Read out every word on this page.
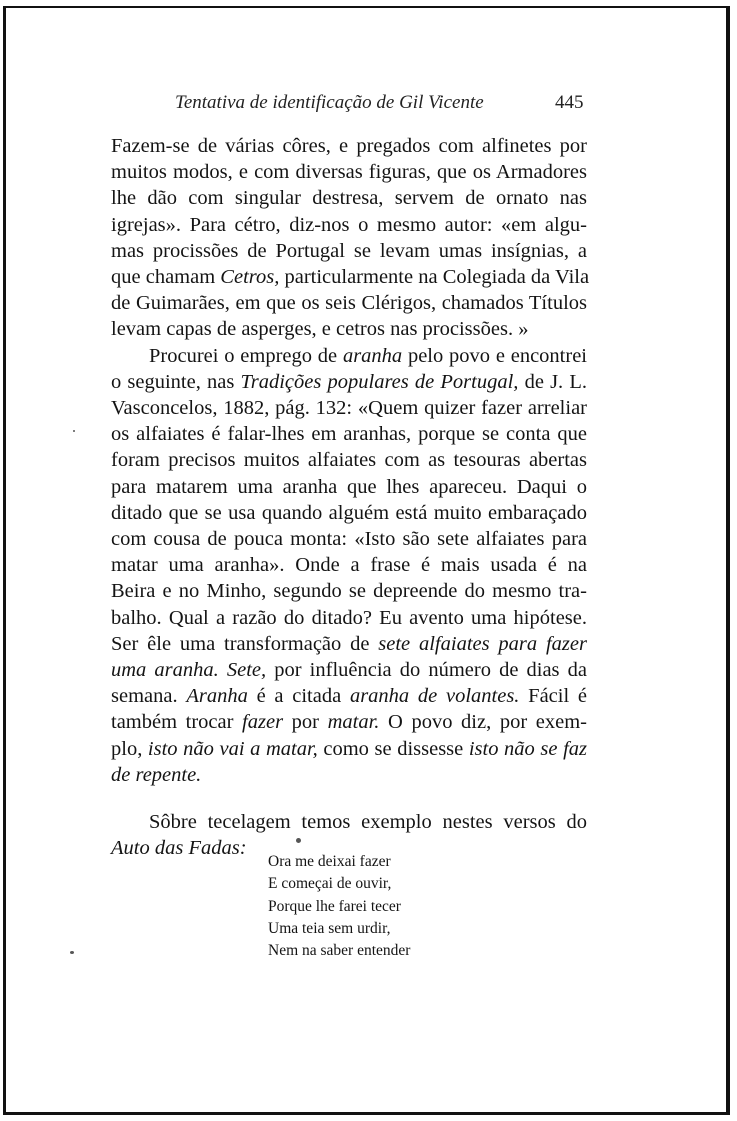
Tentativa de identificação de Gil Vicente	445
Fazem-se de várias côres, e pregados com alfinetes por
muitos modos, e com diversas figuras, que os Armadores
lhe dão com singular destresa, servem de ornato nas
igrejas». Para cétro, diz-nos o mesmo autor: «em algu-
mas procissões de Portugal se levam umas insígnias, a
que chamam Cetros, particularmente na Colegiada da Vila
de Guimarães, em que os seis Clérigos, chamados Títulos
levam capas de asperges, e cetros nas procissões. »
Procurei o emprego de aranha pelo povo e encontrei
o seguinte, nas Tradições populares de Portugal, de J. L.
Vasconcelos, 1882, pág. 132: «Quem quizer fazer arreliar
os alfaiates é falar-lhes em aranhas, porque se conta que
foram precisos muitos alfaiates com as tesouras abertas
para matarem uma aranha que lhes apareceu. Daqui o
ditado que se usa quando alguém está muito embaraçado
com cousa de pouca monta: «Isto são sete alfaiates para
matar uma aranha». Onde a frase é mais usada é na
Beira e no Minho, segundo se depreende do mesmo tra-
balho. Qual a razão do ditado? Eu avento uma hipótese.
Ser êle uma transformação de sete alfaiates para fazer
uma aranha. Sete, por influência do número de dias da
semana. Aranha é a citada aranha de volantes. Fácil é
também trocar fazer por matar. O povo diz, por exem-
plo, isto não vai a matar, como se dissesse isto não se faz
de repente.
Sôbre tecelagem temos exemplo nestes versos do
Auto das Fadas:
Ora me deixai fazer
E começai de ouvir,
Porque lhe farei tecer
Uma teia sem urdir,
Nem na saber entender
